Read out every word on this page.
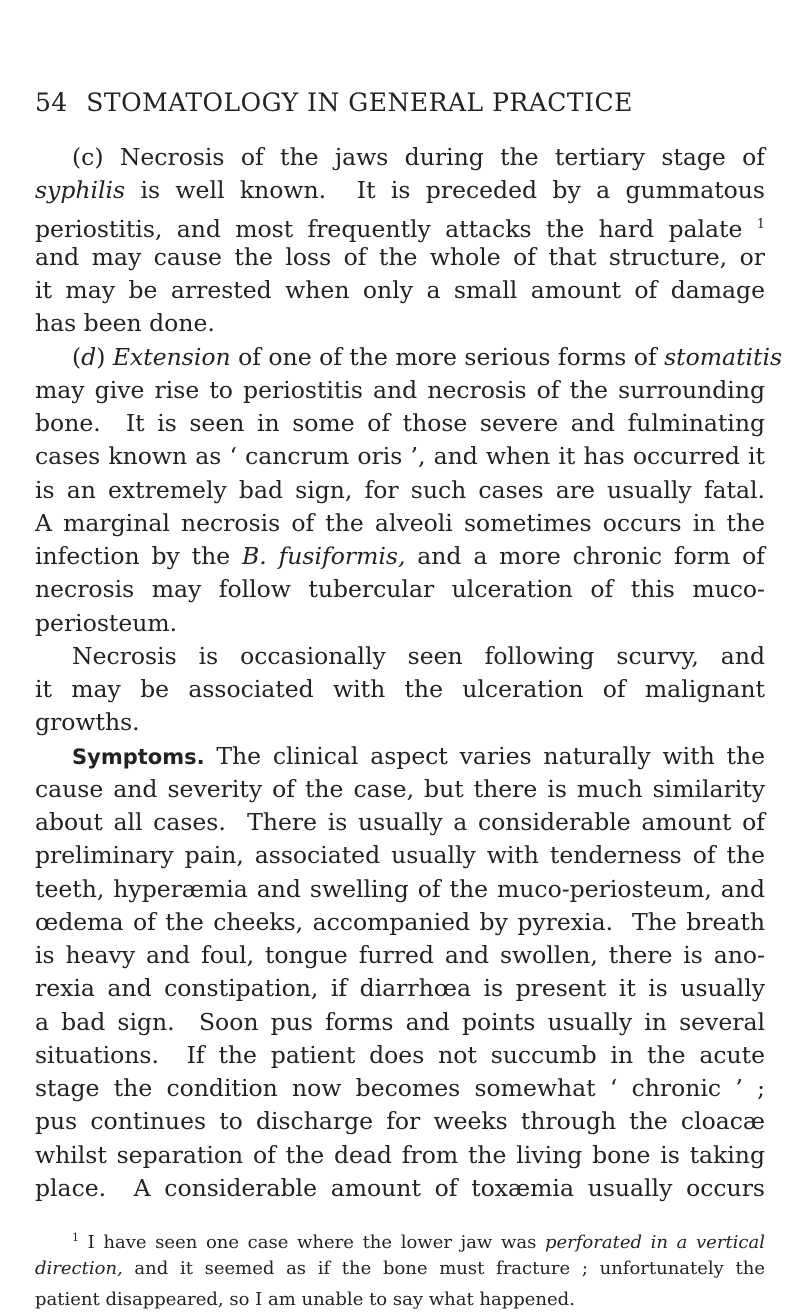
54 STOMATOLOGY IN GENERAL PRACTICE
(c) Necrosis of the jaws during the tertiary stage of
syphilis is well known.  It is preceded by a gummatous
periostitis, and most frequently attacks the hard palate $^1$
and may cause the loss of the whole of that structure, or
it may be arrested when only a small amount of damage
has been done.
(d) Extension of one of the more serious forms of stomatitis
may give rise to periostitis and necrosis of the surrounding
bone.  It is seen in some of those severe and fulminating
cases known as ‘ cancrum oris ’, and when it has occurred it
is an extremely bad sign, for such cases are usually fatal.
A marginal necrosis of the alveoli sometimes occurs in the
infection by the B. fusiformis, and a more chronic form of
necrosis may follow tubercular ulceration of this muco-
periosteum.
Necrosis is occasionally seen following scurvy, and
it may be associated with the ulceration of malignant
growths.
Symptoms. The clinical aspect varies naturally with the
cause and severity of the case, but there is much similarity
about all cases.  There is usually a considerable amount of
preliminary pain, associated usually with tenderness of the
teeth, hyperæmia and swelling of the muco-periosteum, and
œdema of the cheeks, accompanied by pyrexia.  The breath
is heavy and foul, tongue furred and swollen, there is ano-
rexia and constipation, if diarrhœa is present it is usually
a bad sign.  Soon pus forms and points usually in several
situations.  If the patient does not succumb in the acute
stage the condition now becomes somewhat ‘ chronic ’ ;
pus continues to discharge for weeks through the cloacæ
whilst separation of the dead from the living bone is taking
place.  A considerable amount of toxæmia usually occurs
$^1$ I have seen one case where the lower jaw was perforated in a vertical
direction, and it seemed as if the bone must fracture ; unfortunately the
patient disappeared, so I am unable to say what happened.
